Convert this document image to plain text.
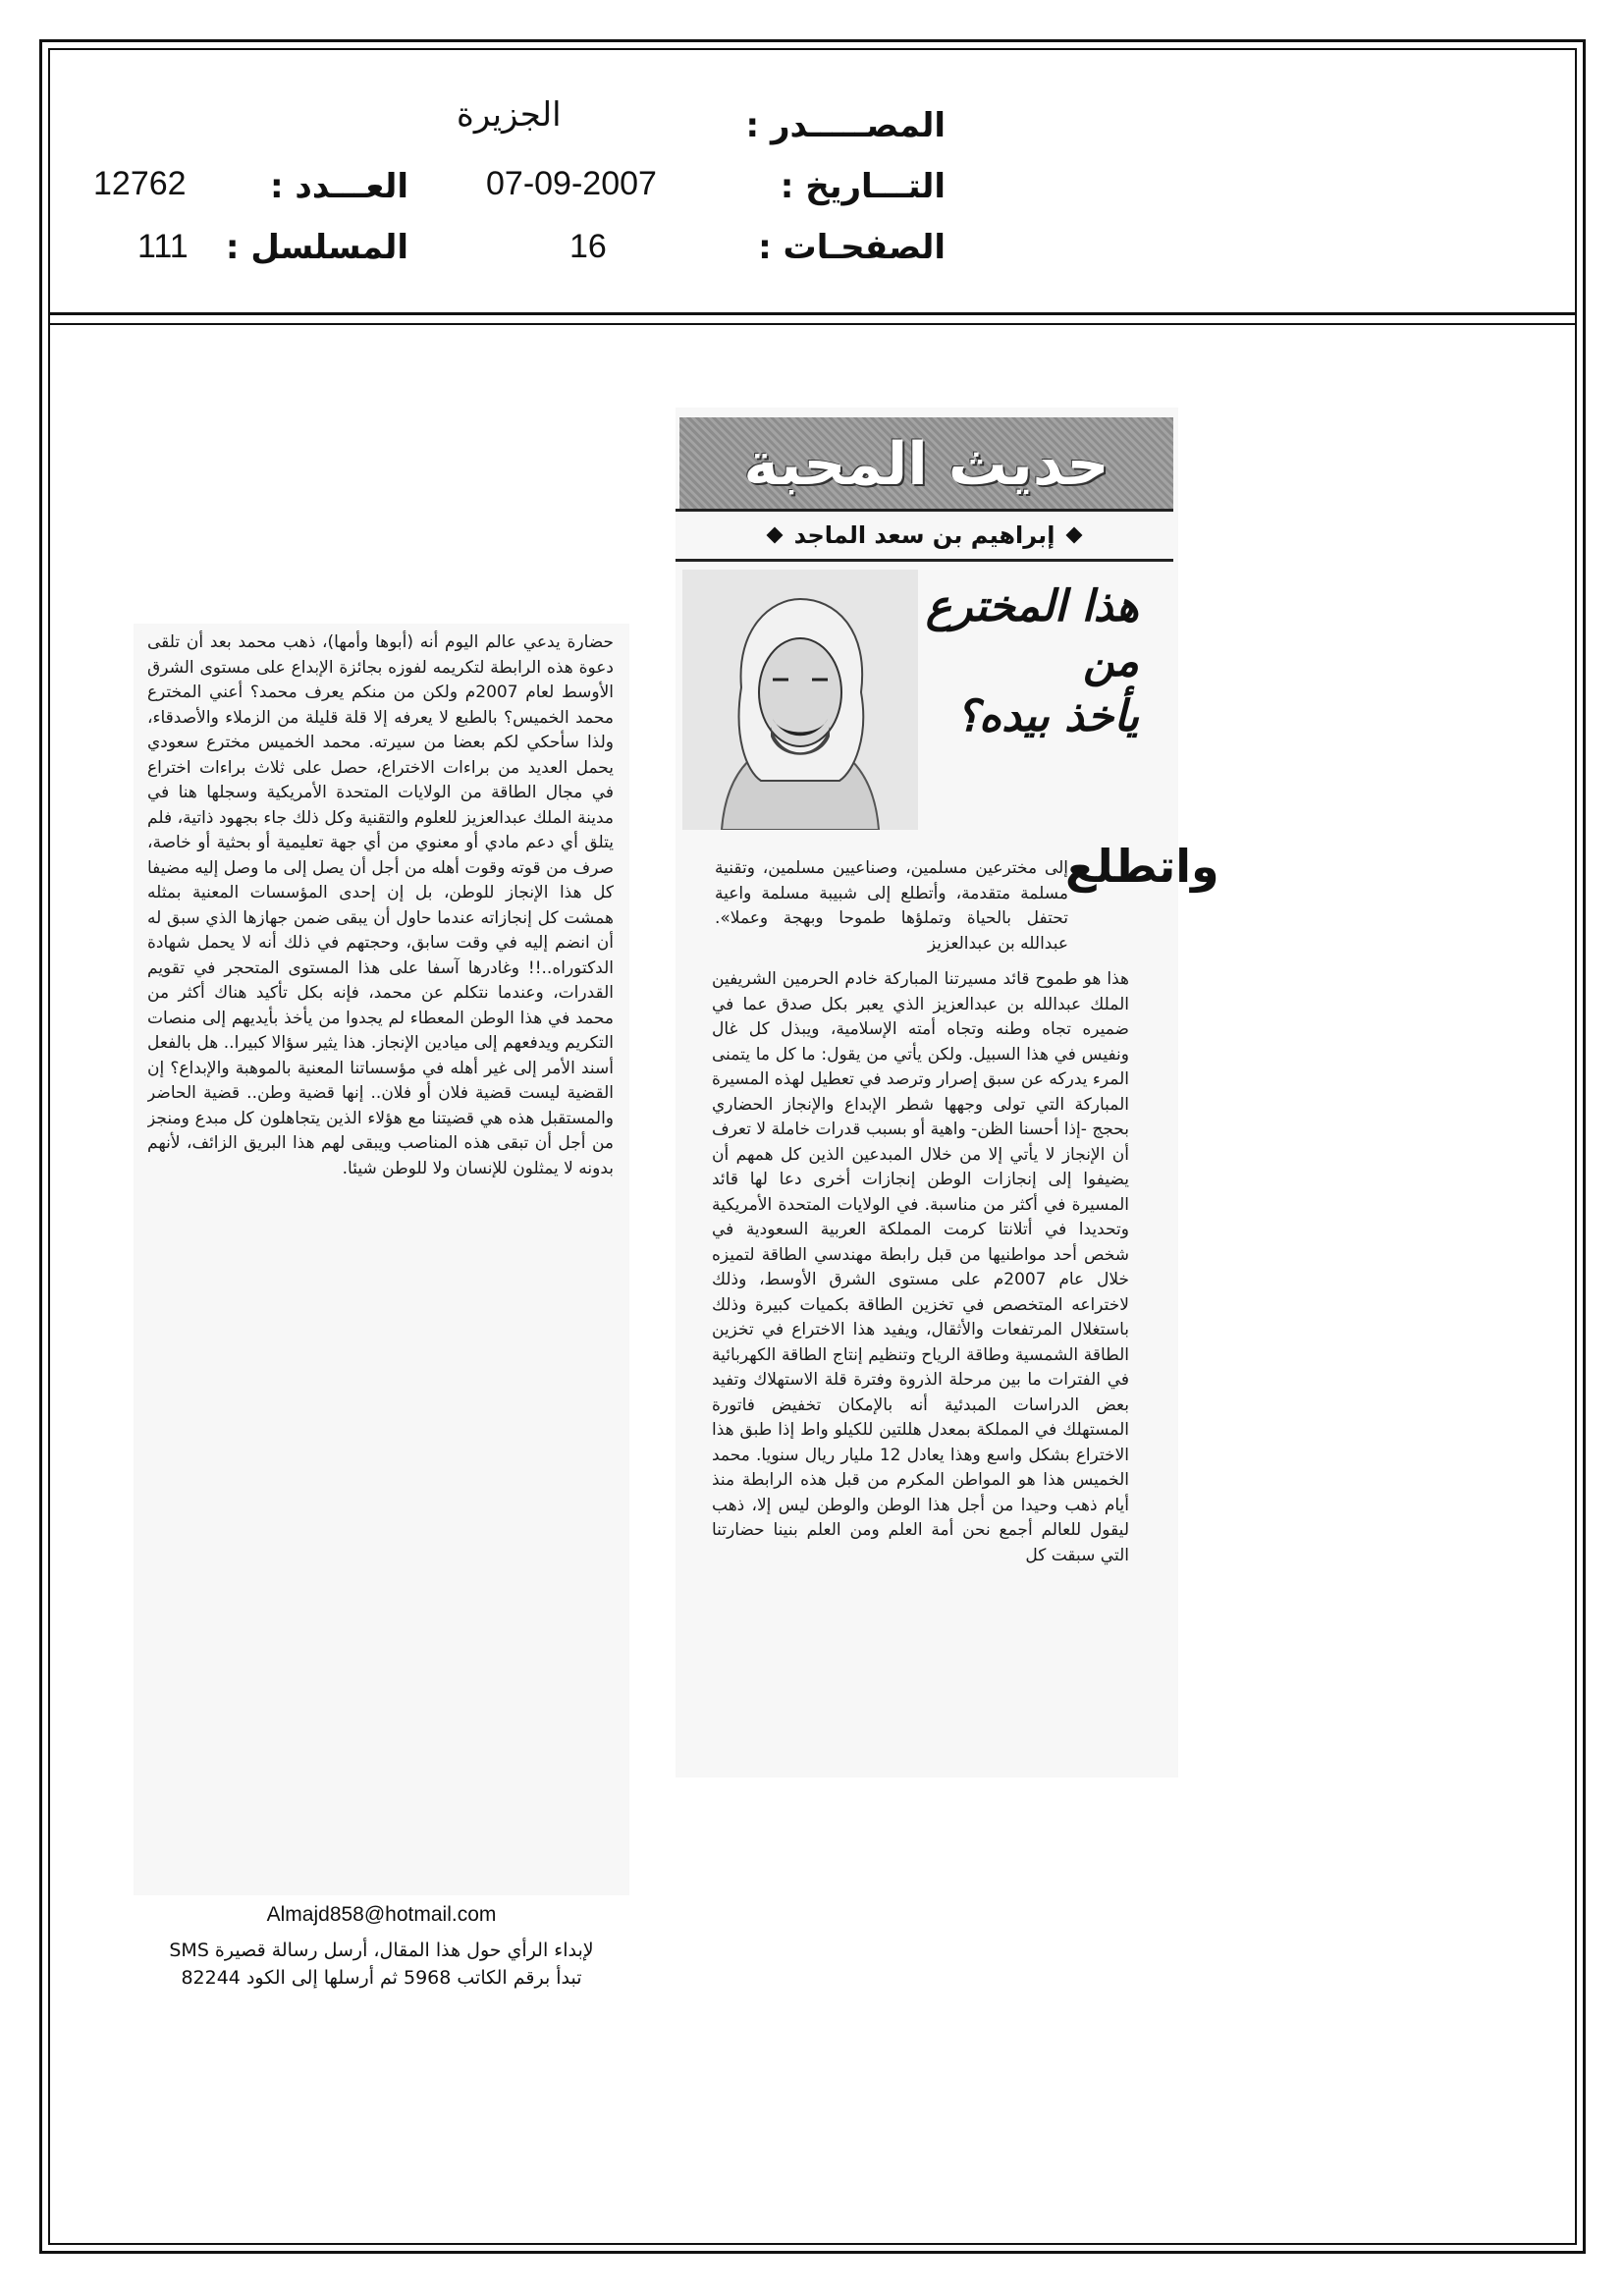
الجزيرة	المصـــــدر :
12762	العـــدد : 07-09-2007	التـــاريخ :
111 المسلسل :	16	الصفحـات :
حديث المحبة
إبراهيم بن سعد الماجد
هذا المخترع من
يأخذ بيده؟
واتطلع
إلى مخترعين مسلمين، وصناعيين مسلمين، وتقنية مسلمة متقدمة، وأتطلع إلى شبيبة مسلمة واعية تحتفل بالحياة وتملؤها طموحا وبهجة وعملا». عبدالله بن عبدالعزيز
هذا هو طموح قائد مسيرتنا المباركة خادم الحرمين الشريفين الملك عبدالله بن عبدالعزيز الذي يعبر بكل صدق عما في ضميره تجاه وطنه وتجاه أمته الإسلامية، ويبذل كل غال ونفيس في هذا السبيل. ولكن يأتي من يقول: ما كل ما يتمنى المرء يدركه عن سبق إصرار وترصد في تعطيل لهذه المسيرة المباركة التي تولى وجهها شطر الإبداع والإنجاز الحضاري بحجج -إذا أحسنا الظن- واهية أو بسبب قدرات خاملة لا تعرف أن الإنجاز لا يأتي إلا من خلال المبدعين الذين كل همهم أن يضيفوا إلى إنجازات الوطن إنجازات أخرى دعا لها قائد المسيرة في أكثر من مناسبة. في الولايات المتحدة الأمريكية وتحديدا في أتلانتا كرمت المملكة العربية السعودية في شخص أحد مواطنيها من قبل رابطة مهندسي الطاقة لتميزه خلال عام 2007م على مستوى الشرق الأوسط، وذلك لاختراعه المتخصص في تخزين الطاقة بكميات كبيرة وذلك باستغلال المرتفعات والأثقال، ويفيد هذا الاختراع في تخزين الطاقة الشمسية وطاقة الرياح وتنظيم إنتاج الطاقة الكهربائية في الفترات ما بين مرحلة الذروة وفترة قلة الاستهلاك وتفيد بعض الدراسات المبدئية أنه بالإمكان تخفيض فاتورة المستهلك في المملكة بمعدل هللتين للكيلو واط إذا طبق هذا الاختراع بشكل واسع وهذا يعادل 12 مليار ريال سنويا. محمد الخميس هذا هو المواطن المكرم من قبل هذه الرابطة منذ أيام ذهب وحيدا من أجل هذا الوطن والوطن ليس إلا، ذهب ليقول للعالم أجمع نحن أمة العلم ومن العلم بنينا حضارتنا التي سبقت كل
حضارة يدعي عالم اليوم أنه (أبوها وأمها)، ذهب محمد بعد أن تلقى دعوة هذه الرابطة لتكريمه لفوزه بجائزة الإبداع على مستوى الشرق الأوسط لعام 2007م ولكن من منكم يعرف محمد؟ أعني المخترع محمد الخميس؟ بالطبع لا يعرفه إلا قلة قليلة من الزملاء والأصدقاء، ولذا سأحكي لكم بعضا من سيرته. محمد الخميس مخترع سعودي يحمل العديد من براءات الاختراع، حصل على ثلاث براءات اختراع في مجال الطاقة من الولايات المتحدة الأمريكية وسجلها هنا في مدينة الملك عبدالعزيز للعلوم والتقنية وكل ذلك جاء بجهود ذاتية، فلم يتلق أي دعم مادي أو معنوي من أي جهة تعليمية أو بحثية أو خاصة، صرف من قوته وقوت أهله من أجل أن يصل إلى ما وصل إليه مضيفا كل هذا الإنجاز للوطن، بل إن إحدى المؤسسات المعنية بمثله همشت كل إنجازاته عندما حاول أن يبقى ضمن جهازها الذي سبق له أن انضم إليه في وقت سابق، وحجتهم في ذلك أنه لا يحمل شهادة الدكتوراه..!! وغادرها آسفا على هذا المستوى المتحجر في تقويم القدرات، وعندما نتكلم عن محمد، فإنه بكل تأكيد هناك أكثر من محمد في هذا الوطن المعطاء لم يجدوا من يأخذ بأيديهم إلى منصات التكريم ويدفعهم إلى ميادين الإنجاز. هذا يثير سؤالا كبيرا.. هل بالفعل أسند الأمر إلى غير أهله في مؤسساتنا المعنية بالموهبة والإبداع؟ إن القضية ليست قضية فلان أو فلان.. إنها قضية وطن.. قضية الحاضر والمستقبل هذه هي قضيتنا مع هؤلاء الذين يتجاهلون كل مبدع ومنجز من أجل أن تبقى هذه المناصب ويبقى لهم هذا البريق الزائف، لأنهم بدونه لا يمثلون للإنسان ولا للوطن شيئا.
Almajd858@hotmail.com
لإبداء الرأي حول هذا المقال، أرسل رسالة قصيرة SMS
تبدأ برقم الكاتب 5968 ثم أرسلها إلى الكود 82244
